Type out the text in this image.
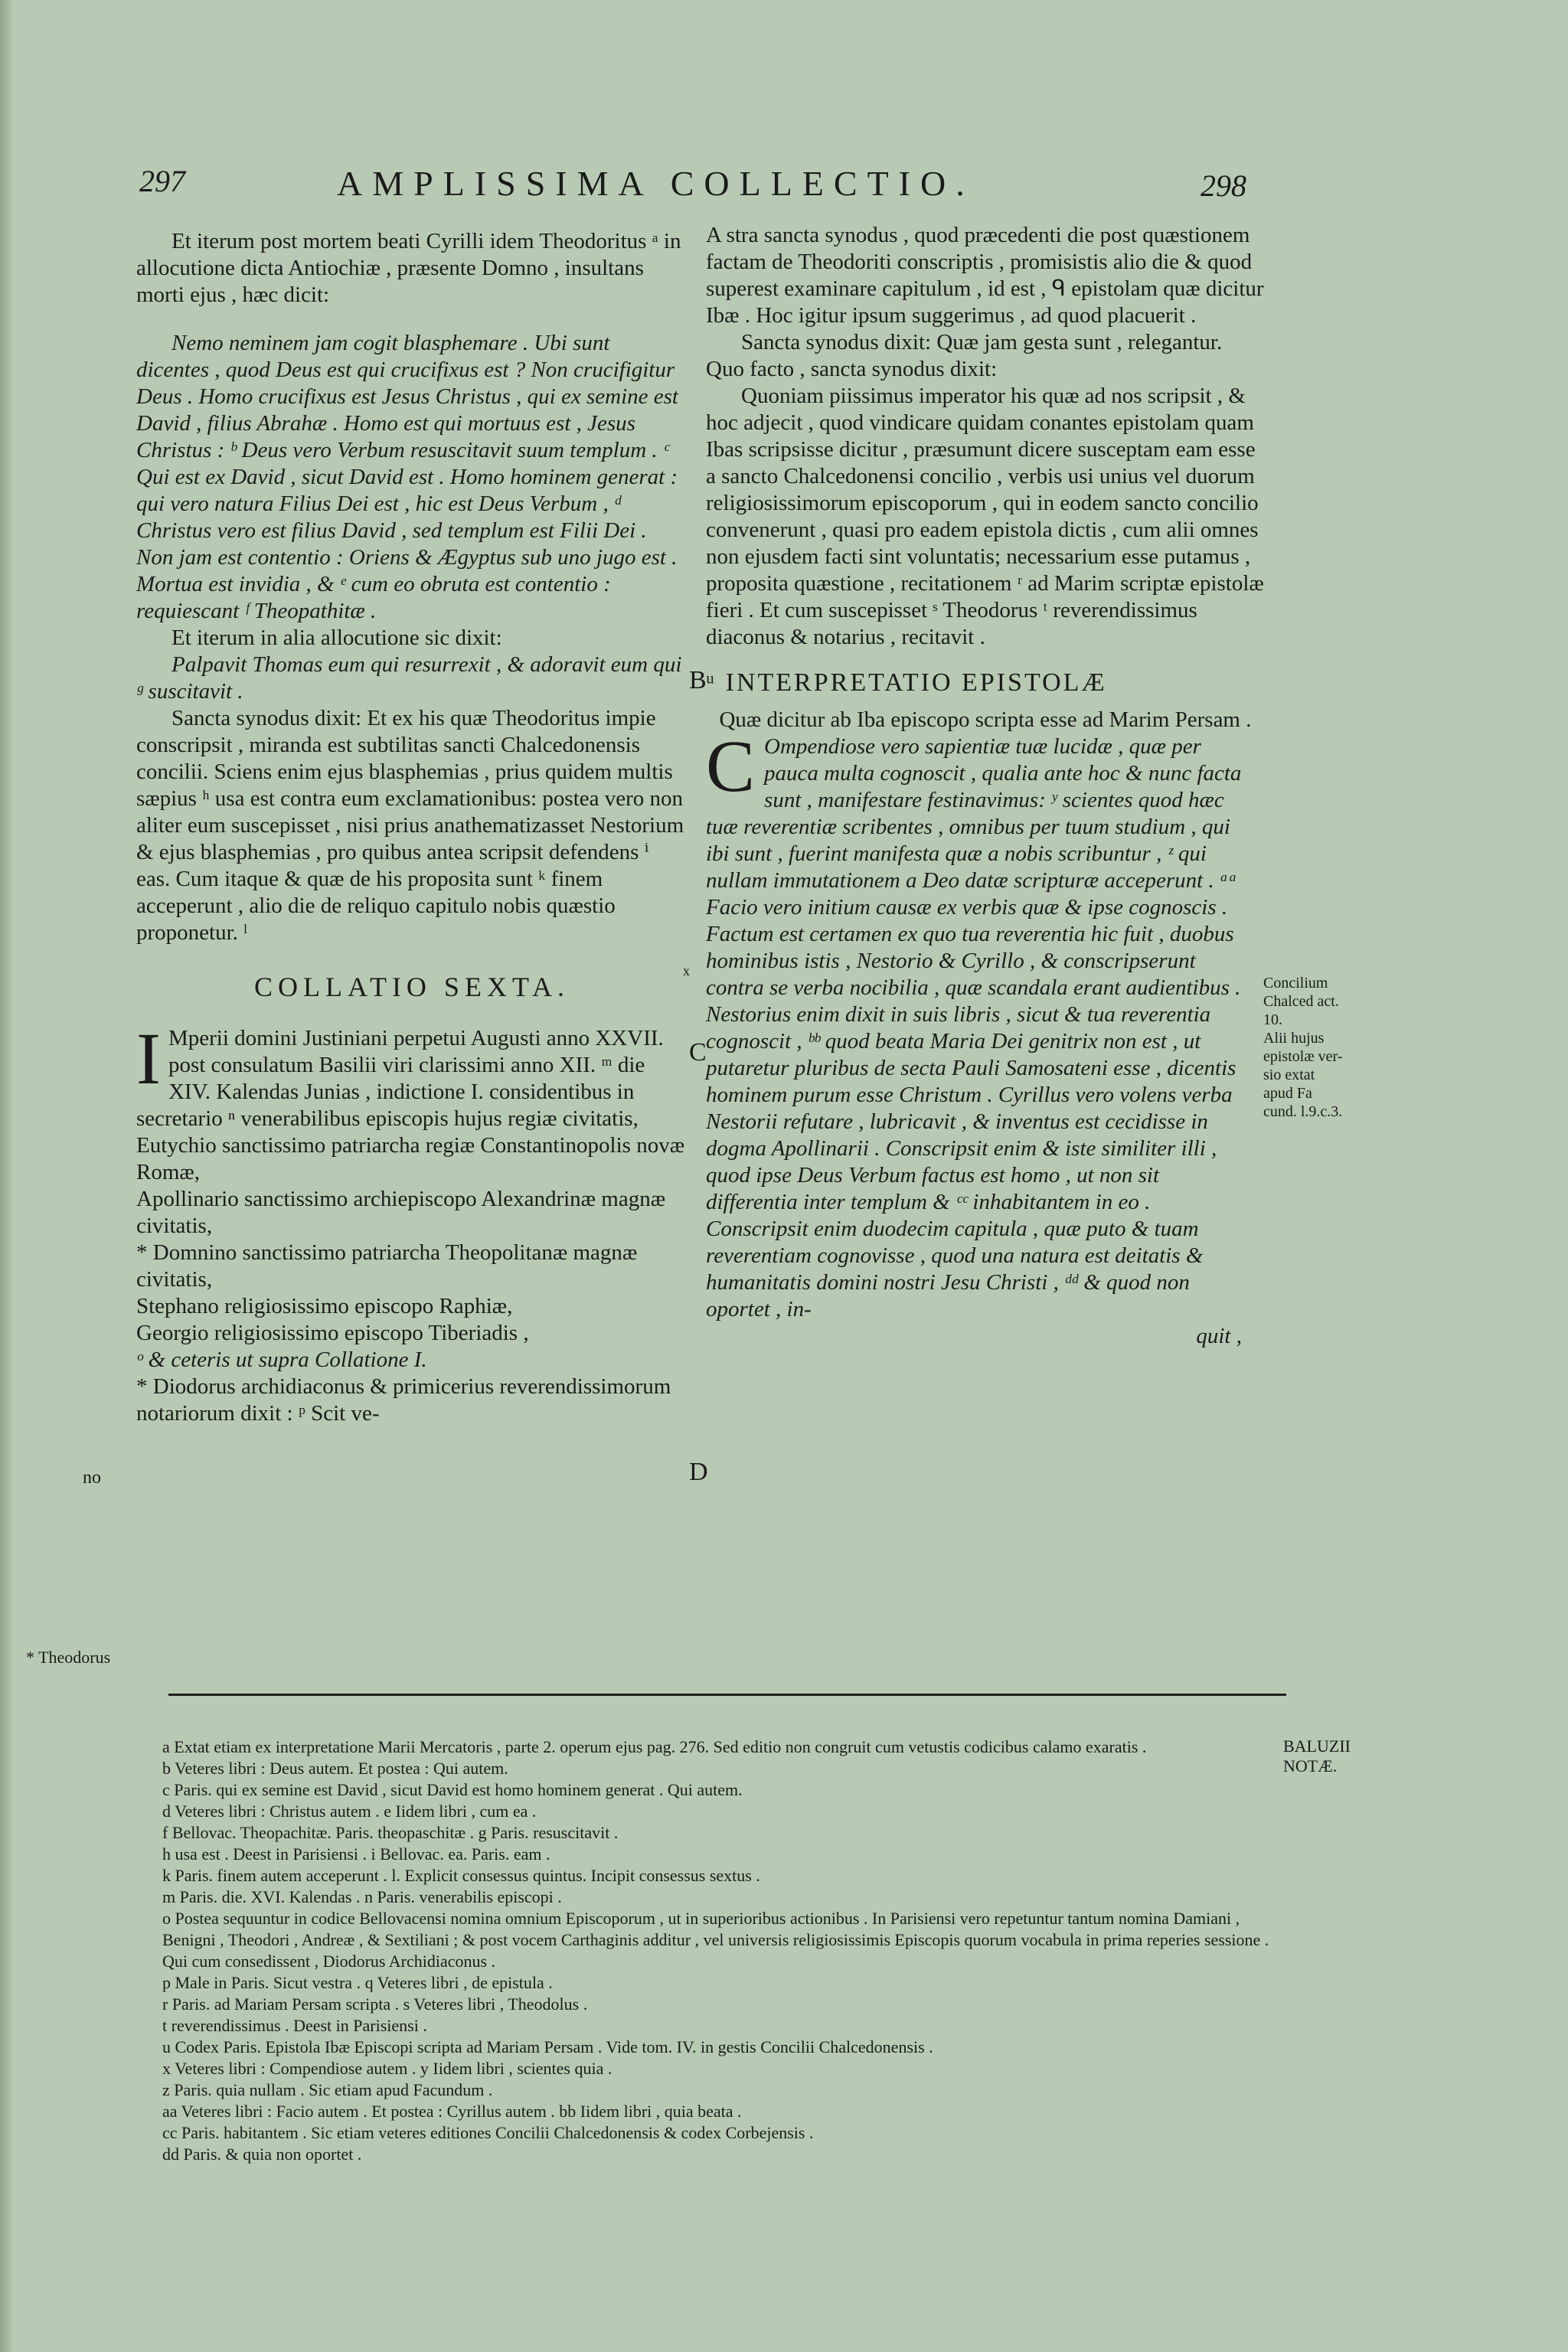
297	AMPLISSIMA COLLECTIO.	298

Et iterum post mortem beati Cyrilli idem Theodoritus ᵃ in allocutione dicta Antiochiæ , præsente Domno , insultans morti ejus , hæc dicit:

Nemo neminem jam cogit blasphemare . Ubi sunt dicentes , quod Deus est qui crucifixus est ? Non crucifigitur Deus . Homo crucifixus est Jesus Christus , qui ex semine est David , filius Abrahæ . Homo est qui mortuus est , Jesus Christus : ᵇ Deus vero Verbum resuscitavit suum templum . ᶜ Qui est ex David , sicut David est . Homo hominem generat : qui vero natura Filius Dei est , hic est Deus Verbum , ᵈ Christus vero est filius David , sed templum est Filii Dei . Non jam est contentio : Oriens & Ægyptus sub uno jugo est . Mortua est invidia , & ᵉ cum eo obruta est contentio : requiescant ᶠ Theopathitæ .

Et iterum in alia allocutione sic dixit:

Palpavit Thomas eum qui resurrexit , & adoravit eum qui ᵍ suscitavit .

Sancta synodus dixit: Et ex his quæ Theodoritus impie conscripsit , miranda est subtilitas sancti Chalcedonensis concilii. Sciens enim ejus blasphemias , prius quidem multis sæpius ʰ usa est contra eum exclamationibus: postea vero non aliter eum suscepisset , nisi prius anathematizasset Nestorium & ejus blasphemias , pro quibus antea scripsit defendens ⁱ eas. Cum itaque & quæ de his proposita sunt ᵏ finem acceperunt , alio die de reliquo capitulo nobis quæstio proponetur. ˡ

COLLATIO SEXTA.
I Mperii domini Justiniani perpetui Augusti anno XXVII. post consulatum Basilii viri clarissimi anno XII. ᵐ die XIV. Kalendas Junias , indictione I. considentibus in secretario ⁿ venerabilibus episcopis hujus regiæ civitatis,

Eutychio sanctissimo patriarcha regiæ Constantinopolis novæ Romæ,

Apollinario sanctissimo archiepiscopo Alexandrinæ magnæ civitatis,

* Domnino sanctissimo patriarcha Theopolitanæ magnæ civitatis,

Stephano religiosissimo episcopo Raphiæ,

Georgio religiosissimo episcopo Tiberiadis ,

ᵒ & ceteris ut supra Collatione I.

* Diodorus archidiaconus & primicerius reverendissimorum notariorum dixit : ᵖ Scit ve-

no
* Theodorus
B
C
D

A stra sancta synodus , quod præcedenti die post quæstionem factam de Theodoriti conscriptis , promisistis alio die & quod superest examinare capitulum , id est , ᑫ epistolam quæ dicitur Ibæ . Hoc igitur ipsum suggerimus , ad quod placuerit .

Sancta synodus dixit: Quæ jam gesta sunt , relegantur. Quo facto , sancta synodus dixit:

Quoniam piissimus imperator his quæ ad nos scripsit , & hoc adjecit , quod vindicare quidam conantes epistolam quam Ibas scripsisse dicitur , præsumunt dicere susceptam eam esse a sancto Chalcedonensi concilio , verbis usi unius vel duorum religiosissimorum episcoporum , qui in eodem sancto concilio convenerunt , quasi pro eadem epistola dictis , cum alii omnes non ejusdem facti sint voluntatis; necessarium esse putamus , proposita quæstione , recitationem ʳ ad Marim scriptæ epistolæ fieri . Et cum suscepisset ˢ Theodorus ᵗ reverendissimus diaconus & notarius , recitavit .

ᵘ INTERPRETATIO EPISTOLÆ

Quæ dicitur ab Iba episcopo scripta esse ad Marim Persam .

C Ompendiose vero sapientiæ tuæ lucidæ , quæ per pauca multa cognoscit , qualia ante hoc & nunc facta sunt , manifestare festinavimus: ʸ scientes quod hæc tuæ reverentiæ scribentes , omnibus per tuum studium , qui ibi sunt , fuerint manifesta quæ a nobis scribuntur , ᶻ qui nullam immutationem a Deo datæ scripturæ acceperunt . ᵃᵃ Facio vero initium causæ ex verbis quæ & ipse cognoscis . Factum est certamen ex quo tua reverentia hic fuit , duobus hominibus istis , Nestorio & Cyrillo , & conscripserunt contra se verba nocibilia , quæ scandala erant audientibus . Nestorius enim dixit in suis libris , sicut & tua reverentia cognoscit , ᵇᵇ quod beata Maria Dei genitrix non est , ut putaretur pluribus de secta Pauli Samosateni esse , dicentis hominem purum esse Christum . Cyrillus vero volens verba Nestorii refutare , lubricavit , & inventus est cecidisse in dogma Apollinarii . Conscripsit enim & iste similiter illi , quod ipse Deus Verbum factus est homo , ut non sit differentia inter templum & ᶜᶜ inhabitantem in eo . Conscripsit enim duodecim capitula , quæ puto & tuam reverentiam cognovisse , quod una natura est deitatis & humanitatis domini nostri Jesu Christi , ᵈᵈ & quod non oportet , in-

quit ,

x
Concilium
Chalced act.
10.
Alii hujus
epistolæ ver-
sio extat
apud Fa
cund. l.9.c.3.
a Extat etiam ex interpretatione Marii Mercatoris , parte 2. operum ejus pag. 276. Sed editio non congruit cum vetustis codicibus calamo exaratis .
b Veteres libri : Deus autem. Et postea : Qui autem.
c Paris. qui ex semine est David , sicut David est homo hominem generat . Qui autem.
d Veteres libri : Christus autem . e Iidem libri , cum ea .
f Bellovac. Theopachitæ. Paris. theopaschitæ . g Paris. resuscitavit .
h usa est . Deest in Parisiensi . i Bellovac. ea. Paris. eam .
k Paris. finem autem acceperunt . l. Explicit consessus quintus. Incipit consessus sextus .
m Paris. die. XVI. Kalendas . n Paris. venerabilis episcopi .
o Postea sequuntur in codice Bellovacensi nomina omnium Episcoporum , ut in superioribus actionibus . In Parisiensi vero repetuntur tantum nomina Damiani , Benigni , Theodori , Andreæ , & Sextiliani ; & post vocem Carthaginis additur , vel universis religiosissimis Episcopis quorum vocabula in prima reperies sessione . Qui cum consedissent , Diodorus Archidiaconus .
p Male in Paris. Sicut vestra . q Veteres libri , de epistula .
r Paris. ad Mariam Persam scripta . s Veteres libri , Theodolus .
t reverendissimus . Deest in Parisiensi .
u Codex Paris. Epistola Ibæ Episcopi scripta ad Mariam Persam . Vide tom. IV. in gestis Concilii Chalcedonensis .
x Veteres libri : Compendiose autem . y Iidem libri , scientes quia .
z Paris. quia nullam . Sic etiam apud Facundum .
aa Veteres libri : Facio autem . Et postea : Cyrillus autem . bb Iidem libri , quia beata .
cc Paris. habitantem . Sic etiam veteres editiones Concilii Chalcedonensis & codex Corbejensis .
dd Paris. & quia non oportet .
BALUZII
NOTÆ.
